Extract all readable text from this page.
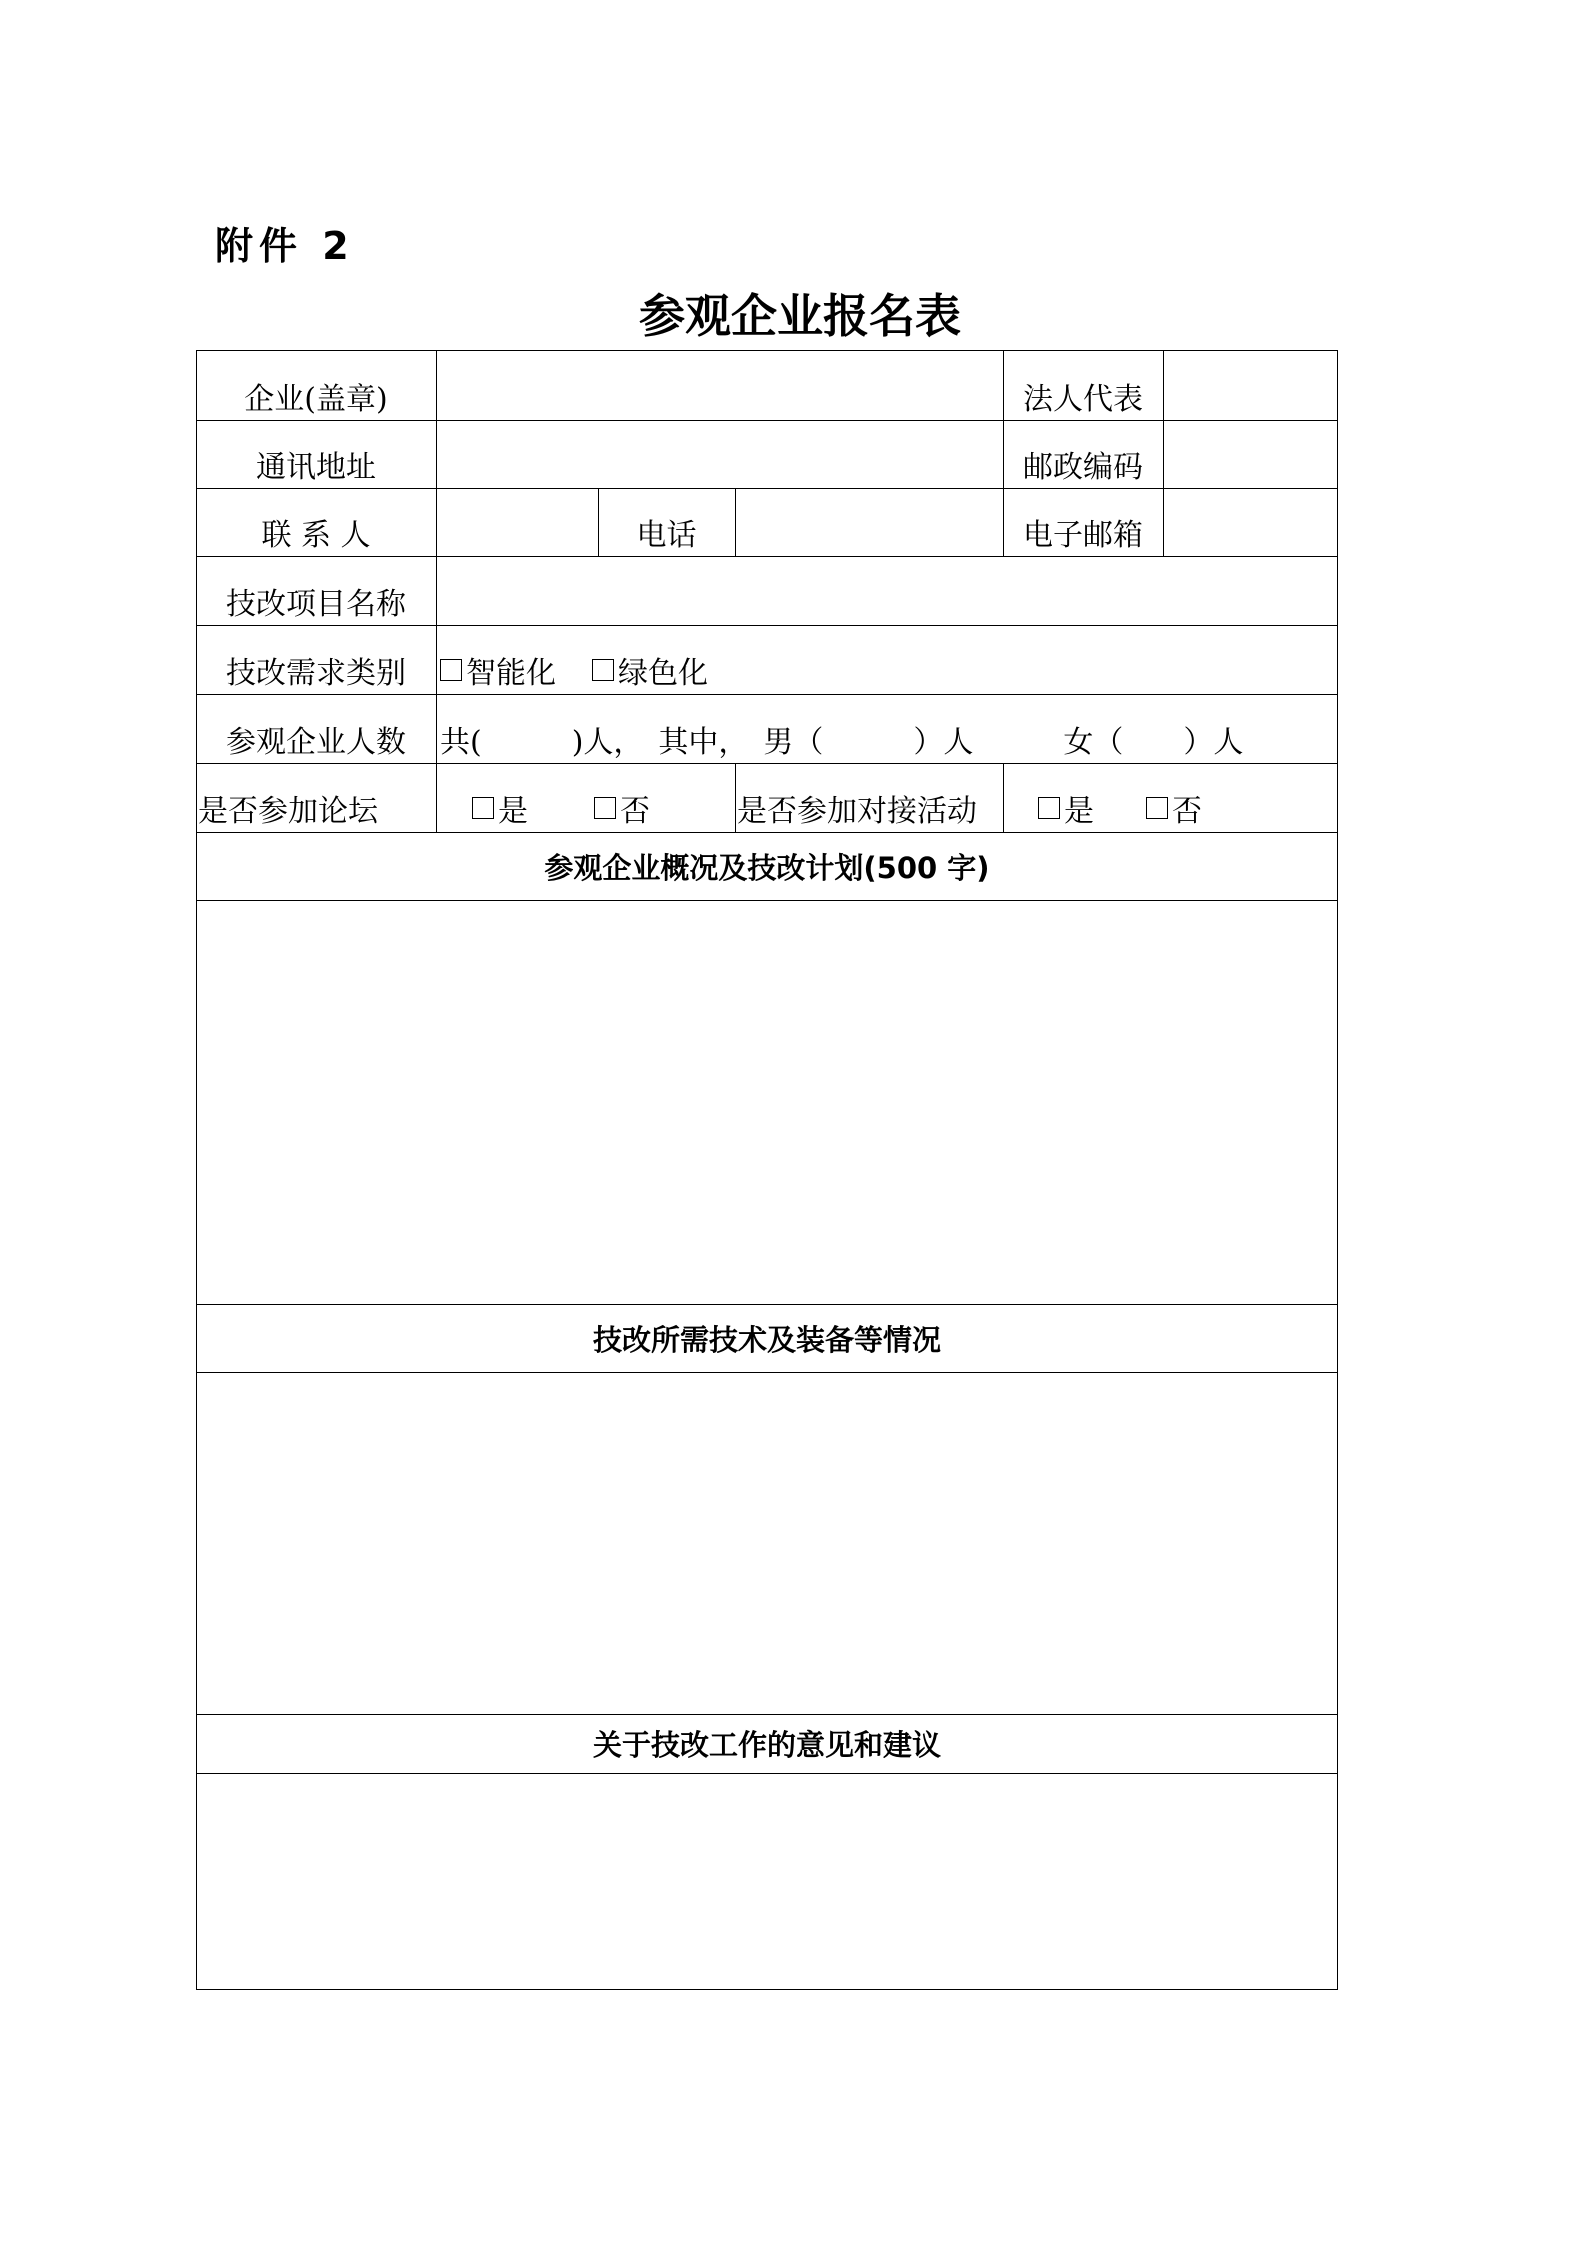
附件 2
参观企业报名表
企业(盖章)	法人代表
通讯地址	邮政编码
联 系 人	电话	电子邮箱
技改项目名称
技改需求类别	智能化 绿色化
参观企业人数	共(　　　)人，　其中，　男（　　　）人　　　女（　　）人
是否参加论坛	是	否	是否参加对接活动	是	否
参观企业概况及技改计划(500 字)
技改所需技术及装备等情况
关于技改工作的意见和建议
